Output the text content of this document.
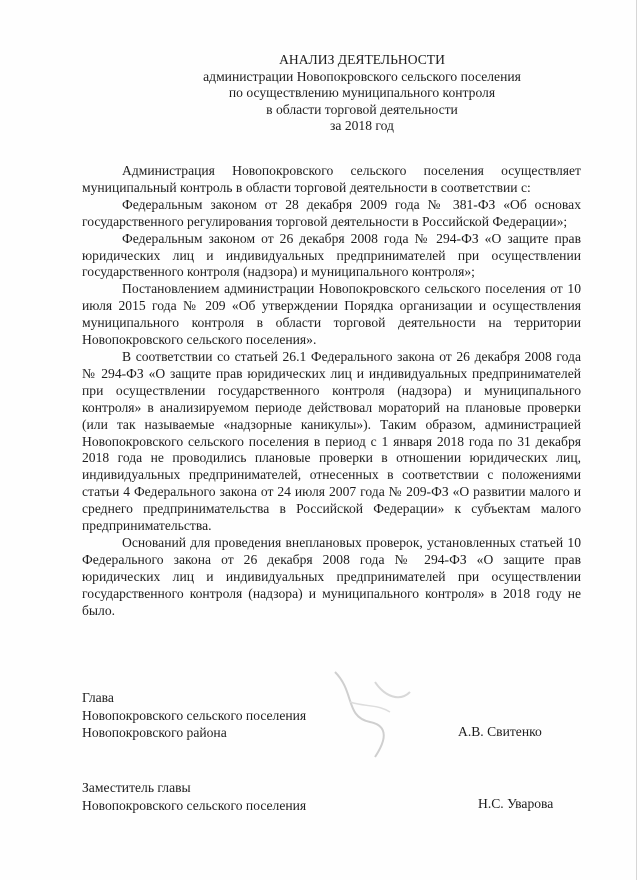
АНАЛИЗ ДЕЯТЕЛЬНОСТИ
администрации Новопокровского сельского поселения
по осуществлению муниципального контроля
в области торговой деятельности
за 2018 год

Администрация Новопокровского сельского поселения осуществляет муниципальный контроль в области торговой деятельности в соответствии с:

Федеральным законом от 28 декабря 2009 года № 381-ФЗ «Об основах государственного регулирования торговой деятельности в Российской Федерации»;

Федеральным законом от 26 декабря 2008 года № 294-ФЗ «О защите прав юридических лиц и индивидуальных предпринимателей при осуществлении государственного контроля (надзора) и муниципального контроля»;

Постановлением администрации Новопокровского сельского поселения от 10 июля 2015 года № 209 «Об утверждении Порядка организации и осуществления муниципального контроля в области торговой деятельности на территории Новопокровского сельского поселения».

В соответствии со статьей 26.1 Федерального закона от 26 декабря 2008 года № 294-ФЗ «О защите прав юридических лиц и индивидуальных предпринимателей при осуществлении государственного контроля (надзора) и муниципального контроля» в анализируемом периоде действовал мораторий на плановые проверки (или так называемые «надзорные каникулы»). Таким образом, администрацией Новопокровского сельского поселения в период с 1 января 2018 года по 31 декабря 2018 года не проводились плановые проверки в отношении юридических лиц, индивидуальных предпринимателей, отнесенных в соответствии с положениями статьи 4 Федерального закона от 24 июля 2007 года № 209-ФЗ «О развитии малого и среднего предпринимательства в Российской Федерации» к субъектам малого предпринимательства.

Оснований для проведения внеплановых проверок, установленных статьей 10 Федерального закона от 26 декабря 2008 года № 294-ФЗ «О защите прав юридических лиц и индивидуальных предпринимателей при осуществлении государственного контроля (надзора) и муниципального контроля» в 2018 году не было.

Глава
Новопокровского сельского поселения
Новопокровского района	А.В. Свитенко
Заместитель главы
Новопокровского сельского поселения	Н.С. Уварова
